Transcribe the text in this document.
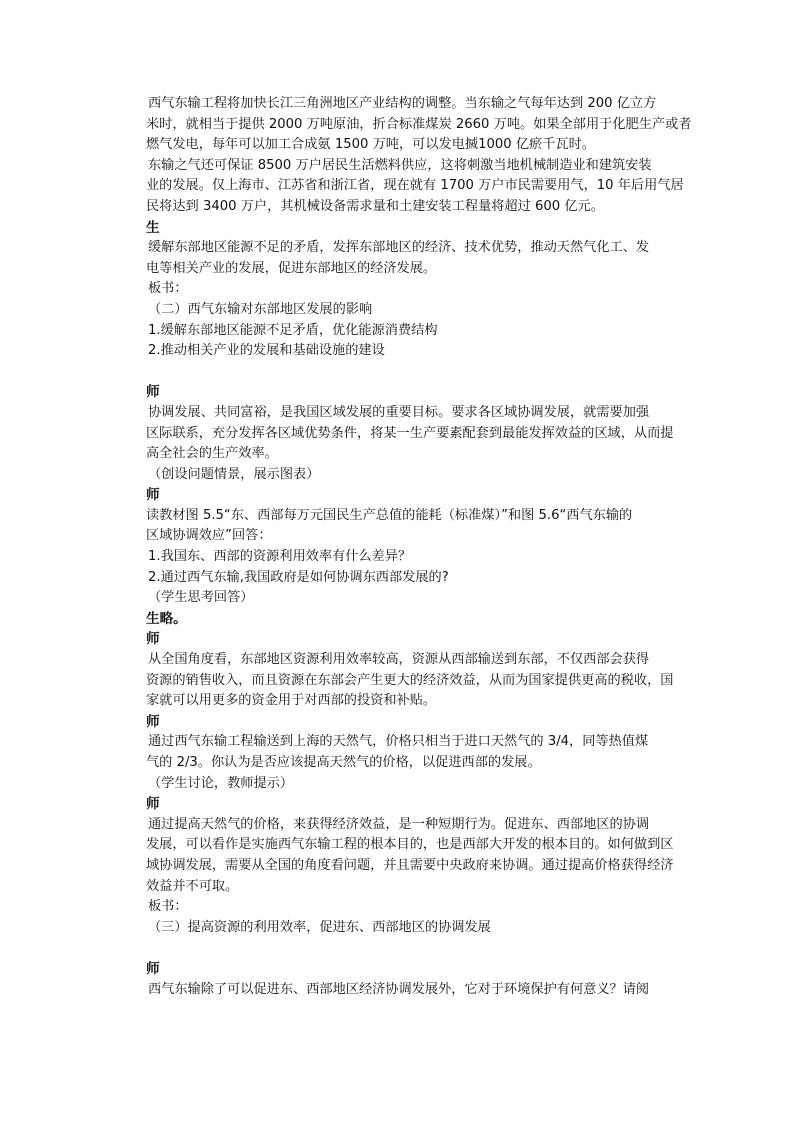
西气东输工程将加快长江三角洲地区产业结构的调整。当东输之气每年达到 200 亿立方
米时，就相当于提供 2000 万吨原油，折合标准煤炭 2660 万吨。如果全部用于化肥生产或者
燃气发电，每年可以加工合成氨 1500 万吨，可以发电搣1000 亿瘀千瓦时。
东输之气还可保证 8500 万户居民生活燃料供应，这将刺激当地机械制造业和建筑安装
业的发展。仅上海市、江苏省和浙江省，现在就有 1700 万户市民需要用气，10 年后用气居
民将达到 3400 万户，其机械设备需求量和土建安装工程量将超过 600 亿元。
生
缓解东部地区能源不足的矛盾，发挥东部地区的经济、技术优势，推动天然气化工、发
电等相关产业的发展，促进东部地区的经济发展。
板书：
（二）西气东输对东部地区发展的影响
1.缓解东部地区能源不足矛盾，优化能源消费结构
2.推动相关产业的发展和基础设施的建设
师
协调发展、共同富裕，是我国区域发展的重要目标。要求各区域协调发展，就需要加强
区际联系，充分发挥各区域优势条件，将某一生产要素配套到最能发挥效益的区域，从而提
高全社会的生产效率。
（创设问题情景，展示图表）
师
读教材图 5.5“东、西部每万元国民生产总值的能耗（标准煤）”和图 5.6“西气东输的
区域协调效应”回答：
1.我国东、西部的资源利用效率有什么差异？
2.通过西气东输,我国政府是如何协调东西部发展的?
（学生思考回答）
生略。
师
从全国角度看，东部地区资源利用效率较高，资源从西部输送到东部，不仅西部会获得
资源的销售收入，而且资源在东部会产生更大的经济效益，从而为国家提供更高的税收，国
家就可以用更多的资金用于对西部的投资和补贴。
师
通过西气东输工程输送到上海的天然气，价格只相当于进口天然气的 3/4，同等热值煤
气的 2/3。你认为是否应该提高天然气的价格，以促进西部的发展。
（学生讨论，教师提示）
师
通过提高天然气的价格，来获得经济效益，是一种短期行为。促进东、西部地区的协调
发展，可以看作是实施西气东输工程的根本目的，也是西部大开发的根本目的。如何做到区
域协调发展，需要从全国的角度看问题，并且需要中央政府来协调。通过提高价格获得经济
效益并不可取。
板书：
（三）提高资源的利用效率，促进东、西部地区的协调发展
师
西气东输除了可以促进东、西部地区经济协调发展外，它对于环境保护有何意义？请阅
